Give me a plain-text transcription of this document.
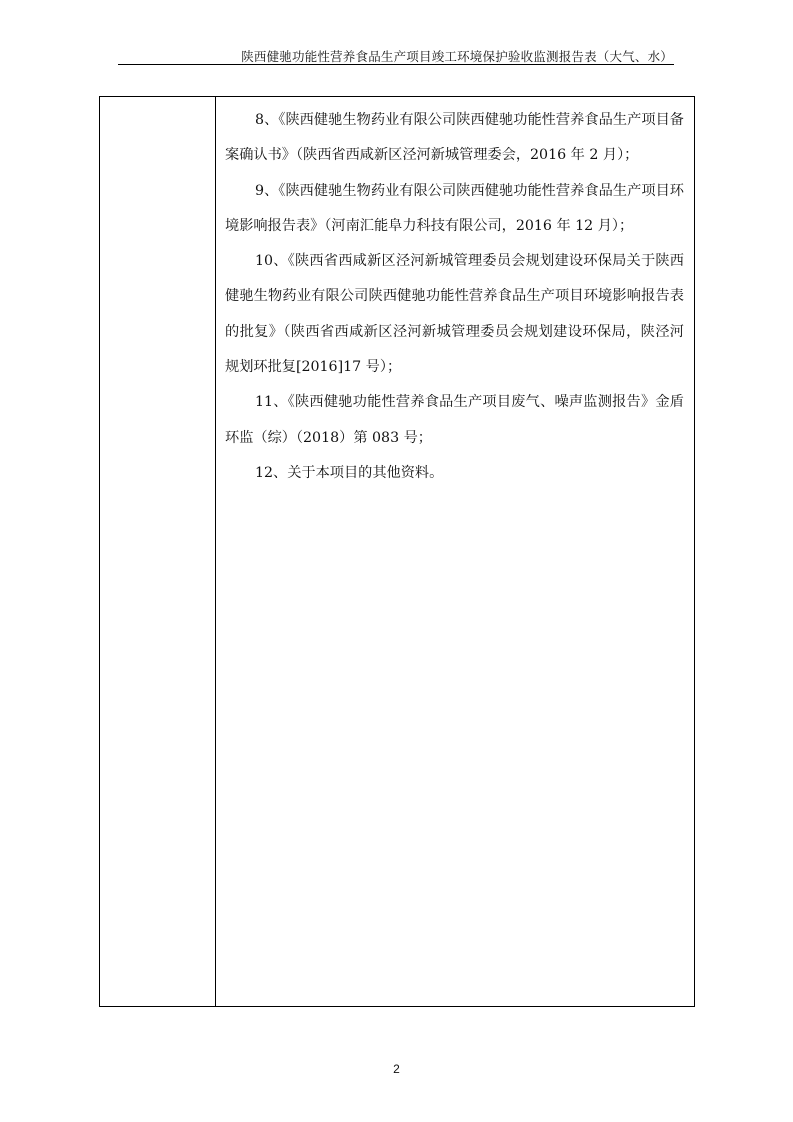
陕西健驰功能性营养食品生产项目竣工环境保护验收监测报告表（大气、水）

8、《陕西健驰生物药业有限公司陕西健驰功能性营养食品生产项目备案确认书》（陕西省西咸新区泾河新城管理委会，2016 年 2 月）；

9、《陕西健驰生物药业有限公司陕西健驰功能性营养食品生产项目环境影响报告表》（河南汇能阜力科技有限公司，2016 年 12 月）；

10、《陕西省西咸新区泾河新城管理委员会规划建设环保局关于陕西健驰生物药业有限公司陕西健驰功能性营养食品生产项目环境影响报告表的批复》（陕西省西咸新区泾河新城管理委员会规划建设环保局，陕泾河规划环批复[2016]17 号）；

11、《陕西健驰功能性营养食品生产项目废气、噪声监测报告》金盾环监（综）（2018）第 083 号；

12、关于本项目的其他资料。

2
